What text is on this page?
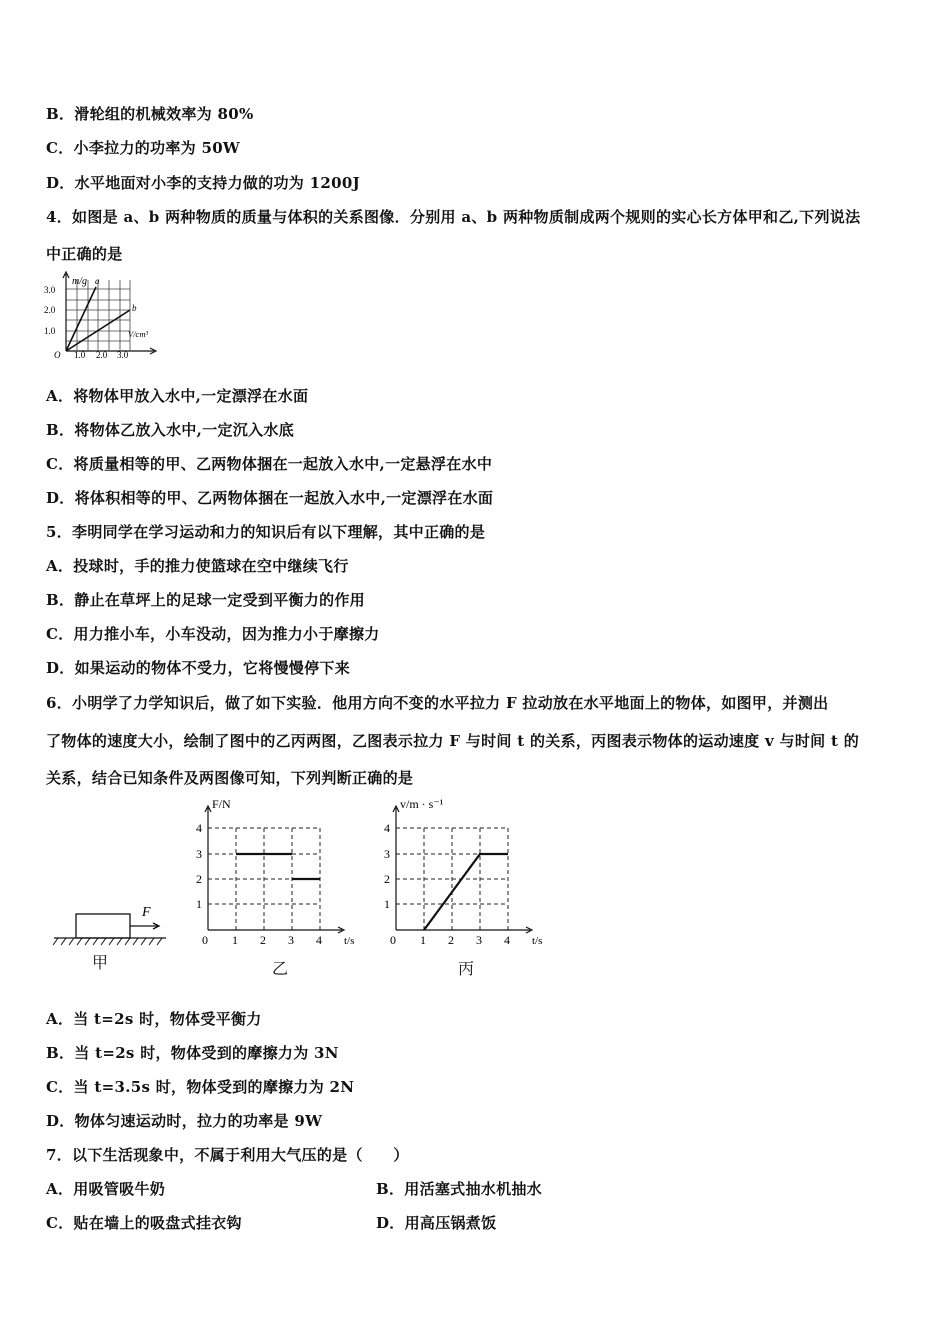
B．滑轮组的机械效率为 80%
C．小李拉力的功率为 50W
D．水平地面对小李的支持力做的功为 1200J
4．如图是 a、b 两种物质的质量与体积的关系图像．分别用 a、b 两种物质制成两个规则的实心长方体甲和乙,下列说法
中正确的是
m/g a
b
V/cm³
3.0
2.0
1.0
O 1.0 2.0 3.0
A．将物体甲放入水中,一定漂浮在水面
B．将物体乙放入水中,一定沉入水底
C．将质量相等的甲、乙两物体捆在一起放入水中,一定悬浮在水中
D．将体积相等的甲、乙两物体捆在一起放入水中,一定漂浮在水面
5．李明同学在学习运动和力的知识后有以下理解，其中正确的是
A．投球时，手的推力使篮球在空中继续飞行
B．静止在草坪上的足球一定受到平衡力的作用
C．用力推小车，小车没动，因为推力小于摩擦力
D．如果运动的物体不受力，它将慢慢停下来
6．小明学了力学知识后，做了如下实验．他用方向不变的水平拉力 F 拉动放在水平地面上的物体，如图甲，并测出
了物体的速度大小，绘制了图中的乙丙两图，乙图表示拉力 F 与时间 t 的关系，丙图表示物体的运动速度 v 与时间 t 的
关系，结合已知条件及两图像可知，下列判断正确的是
F
甲
F/N
t/s
4
3
2
1
0 1 2 3 4
乙
v/m · s⁻¹
t/s
4
3
2
1
0 1 2 3 4
丙
A．当 t=2s 时，物体受平衡力
B．当 t=2s 时，物体受到的摩擦力为 3N
C．当 t=3.5s 时，物体受到的摩擦力为 2N
D．物体匀速运动时，拉力的功率是 9W
7．以下生活现象中，不属于利用大气压的是（　　）
A．用吸管吸牛奶	B．用活塞式抽水机抽水
C．贴在墙上的吸盘式挂衣钩	D．用高压锅煮饭
